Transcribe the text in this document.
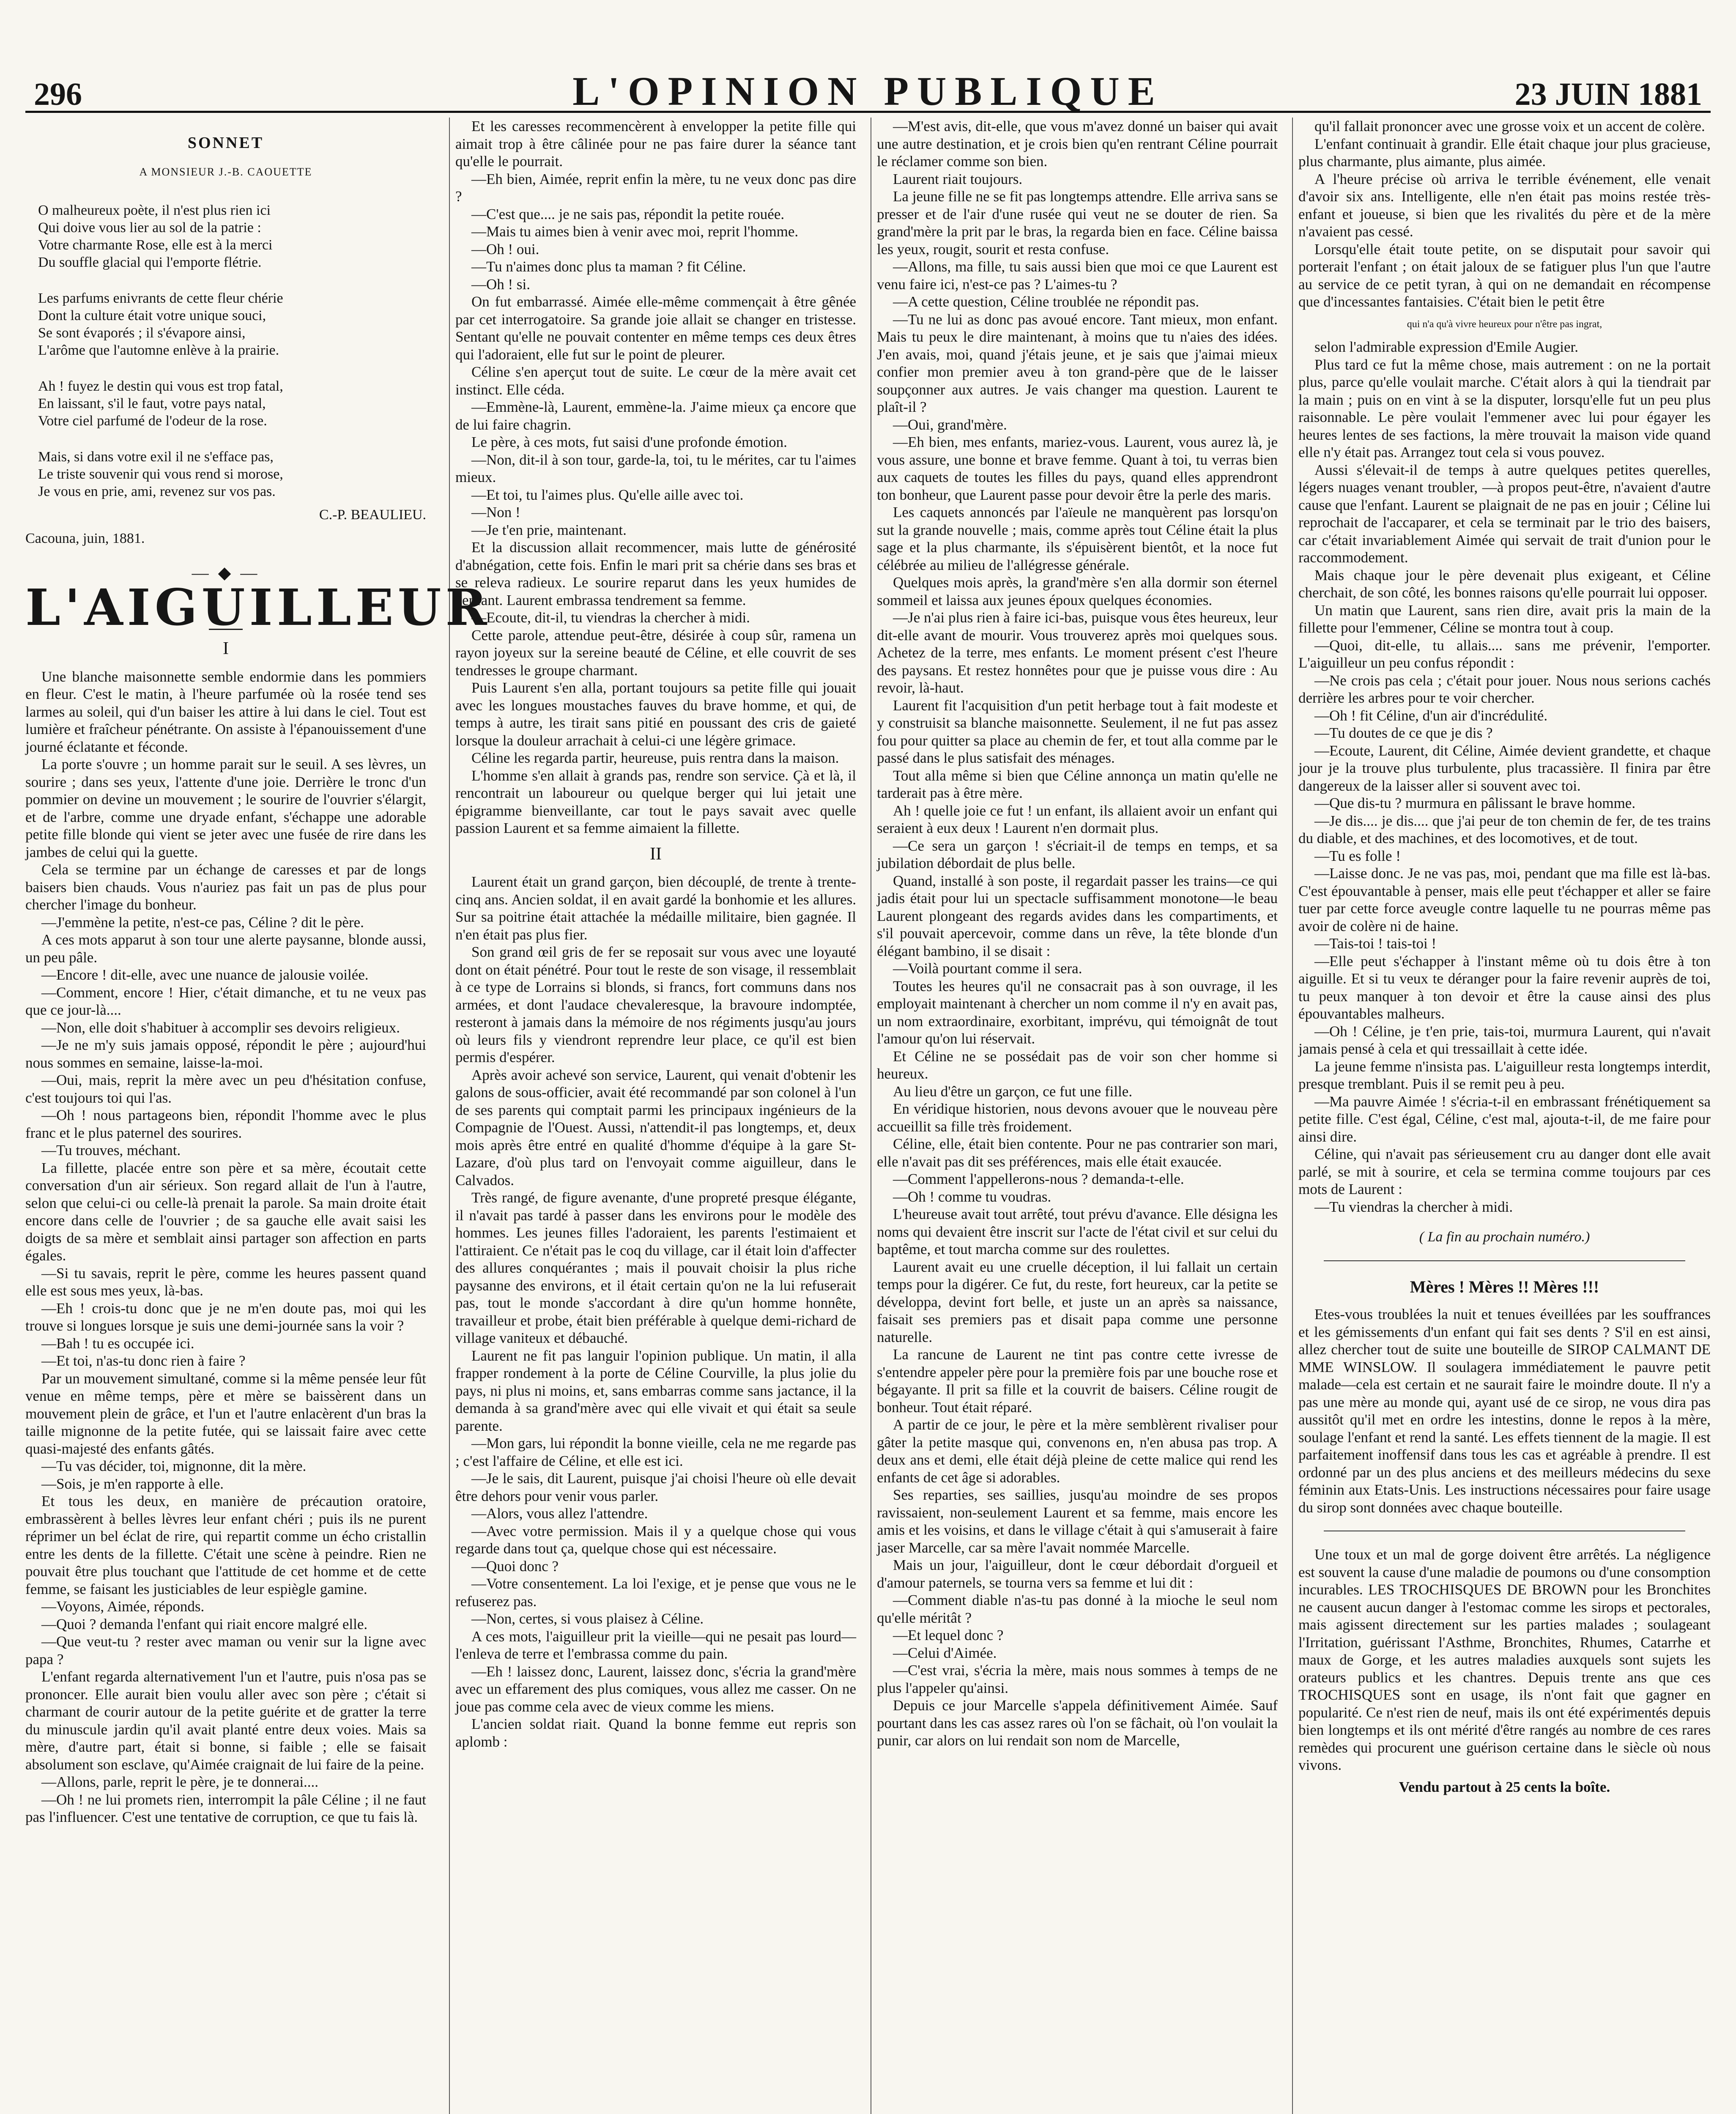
296	L'OPINION PUBLIQUE	23 JUIN 1881
SONNET
A MONSIEUR J.-B. CAOUETTE
O malheureux poète, il n'est plus rien ici
Qui doive vous lier au sol de la patrie :
Votre charmante Rose, elle est à la merci
Du souffle glacial qui l'emporte flétrie.
Les parfums enivrants de cette fleur chérie
Dont la culture était votre unique souci,
Se sont évaporés ; il s'évapore ainsi,
L'arôme que l'automne enlève à la prairie.
Ah ! fuyez le destin qui vous est trop fatal,
En laissant, s'il le faut, votre pays natal,
Votre ciel parfumé de l'odeur de la rose.
Mais, si dans votre exil il ne s'efface pas,
Le triste souvenir qui vous rend si morose,
Je vous en prie, ami, revenez sur vos pas.
C.-P. BEAULIEU.
Cacouna, juin, 1881.
— ◆ —
L'AIGUILLEUR
I

Une blanche maisonnette semble endormie dans les pommiers en fleur. C'est le matin, à l'heure parfumée où la rosée tend ses larmes au soleil, qui d'un baiser les attire à lui dans le ciel. Tout est lumière et fraîcheur pénétrante. On assiste à l'épanouissement d'une journé éclatante et féconde.

La porte s'ouvre ; un homme parait sur le seuil. A ses lèvres, un sourire ; dans ses yeux, l'attente d'une joie. Derrière le tronc d'un pommier on devine un mouvement ; le sourire de l'ouvrier s'élargit, et de l'arbre, comme une dryade enfant, s'échappe une adorable petite fille blonde qui vient se jeter avec une fusée de rire dans les jambes de celui qui la guette.

Cela se termine par un échange de caresses et par de longs baisers bien chauds. Vous n'auriez pas fait un pas de plus pour chercher l'image du bonheur.

—J'emmène la petite, n'est-ce pas, Céline ? dit le père.

A ces mots apparut à son tour une alerte paysanne, blonde aussi, un peu pâle.

—Encore ! dit-elle, avec une nuance de jalousie voilée.

—Comment, encore ! Hier, c'était dimanche, et tu ne veux pas que ce jour-là....

—Non, elle doit s'habituer à accomplir ses devoirs religieux.

—Je ne m'y suis jamais opposé, répondit le père ; aujourd'hui nous sommes en semaine, laisse-la-moi.

—Oui, mais, reprit la mère avec un peu d'hésitation confuse, c'est toujours toi qui l'as.

—Oh ! nous partageons bien, répondit l'homme avec le plus franc et le plus paternel des sourires.

—Tu trouves, méchant.

La fillette, placée entre son père et sa mère, écoutait cette conversation d'un air sérieux. Son regard allait de l'un à l'autre, selon que celui-ci ou celle-là prenait la parole. Sa main droite était encore dans celle de l'ouvrier ; de sa gauche elle avait saisi les doigts de sa mère et semblait ainsi partager son affection en parts égales.

—Si tu savais, reprit le père, comme les heures passent quand elle est sous mes yeux, là-bas.

—Eh ! crois-tu donc que je ne m'en doute pas, moi qui les trouve si longues lorsque je suis une demi-journée sans la voir ?

—Bah ! tu es occupée ici.

—Et toi, n'as-tu donc rien à faire ?

Par un mouvement simultané, comme si la même pensée leur fût venue en même temps, père et mère se baissèrent dans un mouvement plein de grâce, et l'un et l'autre enlacèrent d'un bras la taille mignonne de la petite futée, qui se laissait faire avec cette quasi-majesté des enfants gâtés.

—Tu vas décider, toi, mignonne, dit la mère.

—Sois, je m'en rapporte à elle.

Et tous les deux, en manière de précaution oratoire, embrassèrent à belles lèvres leur enfant chéri ; puis ils ne purent réprimer un bel éclat de rire, qui repartit comme un écho cristallin entre les dents de la fillette. C'était une scène à peindre. Rien ne pouvait être plus touchant que l'attitude de cet homme et de cette femme, se faisant les justiciables de leur espiègle gamine.

—Voyons, Aimée, réponds.

—Quoi ? demanda l'enfant qui riait encore malgré elle.

—Que veut-tu ? rester avec maman ou venir sur la ligne avec papa ?

L'enfant regarda alternativement l'un et l'autre, puis n'osa pas se prononcer. Elle aurait bien voulu aller avec son père ; c'était si charmant de courir autour de la petite guérite et de gratter la terre du minuscule jardin qu'il avait planté entre deux voies. Mais sa mère, d'autre part, était si bonne, si faible ; elle se faisait absolument son esclave, qu'Aimée craignait de lui faire de la peine.

—Allons, parle, reprit le père, je te donnerai....

—Oh ! ne lui promets rien, interrompit la pâle Céline ; il ne faut pas l'influencer. C'est une tentative de corruption, ce que tu fais là.

Et les caresses recommencèrent à envelopper la petite fille qui aimait trop à être câlinée pour ne pas faire durer la séance tant qu'elle le pourrait.

—Eh bien, Aimée, reprit enfin la mère, tu ne veux donc pas dire ?

—C'est que.... je ne sais pas, répondit la petite rouée.

—Mais tu aimes bien à venir avec moi, reprit l'homme.

—Oh ! oui.

—Tu n'aimes donc plus ta maman ? fit Céline.

—Oh ! si.

On fut embarrassé. Aimée elle-même commençait à être gênée par cet interrogatoire. Sa grande joie allait se changer en tristesse. Sentant qu'elle ne pouvait contenter en même temps ces deux êtres qui l'adoraient, elle fut sur le point de pleurer.

Céline s'en aperçut tout de suite. Le cœur de la mère avait cet instinct. Elle céda.

—Emmène-là, Laurent, emmène-la. J'aime mieux ça encore que de lui faire chagrin.

Le père, à ces mots, fut saisi d'une profonde émotion.

—Non, dit-il à son tour, garde-la, toi, tu le mérites, car tu l'aimes mieux.

—Et toi, tu l'aimes plus. Qu'elle aille avec toi.

—Non !

—Je t'en prie, maintenant.

Et la discussion allait recommencer, mais lutte de générosité d'abnégation, cette fois. Enfin le mari prit sa chérie dans ses bras et se releva radieux. Le sourire reparut dans les yeux humides de l'enfant. Laurent embrassa tendrement sa femme.

—Ecoute, dit-il, tu viendras la chercher à midi.

Cette parole, attendue peut-être, désirée à coup sûr, ramena un rayon joyeux sur la sereine beauté de Céline, et elle couvrit de ses tendresses le groupe charmant.

Puis Laurent s'en alla, portant toujours sa petite fille qui jouait avec les longues moustaches fauves du brave homme, et qui, de temps à autre, les tirait sans pitié en poussant des cris de gaieté lorsque la douleur arrachait à celui-ci une légère grimace.

Céline les regarda partir, heureuse, puis rentra dans la maison.

L'homme s'en allait à grands pas, rendre son service. Çà et là, il rencontrait un laboureur ou quelque berger qui lui jetait une épigramme bienveillante, car tout le pays savait avec quelle passion Laurent et sa femme aimaient la fillette.

II

Laurent était un grand garçon, bien découplé, de trente à trente-cinq ans. Ancien soldat, il en avait gardé la bonhomie et les allures. Sur sa poitrine était attachée la médaille militaire, bien gagnée. Il n'en était pas plus fier.

Son grand œil gris de fer se reposait sur vous avec une loyauté dont on était pénétré. Pour tout le reste de son visage, il ressemblait à ce type de Lorrains si blonds, si francs, fort communs dans nos armées, et dont l'audace chevaleresque, la bravoure indomptée, resteront à jamais dans la mémoire de nos régiments jusqu'au jours où leurs fils y viendront reprendre leur place, ce qu'il est bien permis d'espérer.

Après avoir achevé son service, Laurent, qui venait d'obtenir les galons de sous-officier, avait été recommandé par son colonel à l'un de ses parents qui comptait parmi les principaux ingénieurs de la Compagnie de l'Ouest. Aussi, n'attendit-il pas longtemps, et, deux mois après être entré en qualité d'homme d'équipe à la gare St-Lazare, d'où plus tard on l'envoyait comme aiguilleur, dans le Calvados.

Très rangé, de figure avenante, d'une propreté presque élégante, il n'avait pas tardé à passer dans les environs pour le modèle des hommes. Les jeunes filles l'adoraient, les parents l'estimaient et l'attiraient. Ce n'était pas le coq du village, car il était loin d'affecter des allures conquérantes ; mais il pouvait choisir la plus riche paysanne des environs, et il était certain qu'on ne la lui refuserait pas, tout le monde s'accordant à dire qu'un homme honnête, travailleur et probe, était bien préférable à quelque demi-richard de village vaniteux et débauché.

Laurent ne fit pas languir l'opinion publique. Un matin, il alla frapper rondement à la porte de Céline Courville, la plus jolie du pays, ni plus ni moins, et, sans embarras comme sans jactance, il la demanda à sa grand'mère avec qui elle vivait et qui était sa seule parente.

—Mon gars, lui répondit la bonne vieille, cela ne me regarde pas ; c'est l'affaire de Céline, et elle est ici.

—Je le sais, dit Laurent, puisque j'ai choisi l'heure où elle devait être dehors pour venir vous parler.

—Alors, vous allez l'attendre.

—Avec votre permission. Mais il y a quelque chose qui vous regarde dans tout ça, quelque chose qui est nécessaire.

—Quoi donc ?

—Votre consentement. La loi l'exige, et je pense que vous ne le refuserez pas.

—Non, certes, si vous plaisez à Céline.

A ces mots, l'aiguilleur prit la vieille—qui ne pesait pas lourd—l'enleva de terre et l'embrassa comme du pain.

—Eh ! laissez donc, Laurent, laissez donc, s'écria la grand'mère avec un effarement des plus comiques, vous allez me casser. On ne joue pas comme cela avec de vieux comme les miens.

L'ancien soldat riait. Quand la bonne femme eut repris son aplomb :

—M'est avis, dit-elle, que vous m'avez donné un baiser qui avait une autre destination, et je crois bien qu'en rentrant Céline pourrait le réclamer comme son bien.

Laurent riait toujours.

La jeune fille ne se fit pas longtemps attendre. Elle arriva sans se presser et de l'air d'une rusée qui veut ne se douter de rien. Sa grand'mère la prit par le bras, la regarda bien en face. Céline baissa les yeux, rougit, sourit et resta confuse.

—Allons, ma fille, tu sais aussi bien que moi ce que Laurent est venu faire ici, n'est-ce pas ? L'aimes-tu ?

—A cette question, Céline troublée ne répondit pas.

—Tu ne lui as donc pas avoué encore. Tant mieux, mon enfant. Mais tu peux le dire maintenant, à moins que tu n'aies des idées. J'en avais, moi, quand j'étais jeune, et je sais que j'aimai mieux confier mon premier aveu à ton grand-père que de le laisser soupçonner aux autres. Je vais changer ma question. Laurent te plaît-il ?

—Oui, grand'mère.

—Eh bien, mes enfants, mariez-vous. Laurent, vous aurez là, je vous assure, une bonne et brave femme. Quant à toi, tu verras bien aux caquets de toutes les filles du pays, quand elles apprendront ton bonheur, que Laurent passe pour devoir être la perle des maris.

Les caquets annoncés par l'aïeule ne manquèrent pas lorsqu'on sut la grande nouvelle ; mais, comme après tout Céline était la plus sage et la plus charmante, ils s'épuisèrent bientôt, et la noce fut célébrée au milieu de l'allégresse générale.

Quelques mois après, la grand'mère s'en alla dormir son éternel sommeil et laissa aux jeunes époux quelques économies.

—Je n'ai plus rien à faire ici-bas, puisque vous êtes heureux, leur dit-elle avant de mourir. Vous trouverez après moi quelques sous. Achetez de la terre, mes enfants. Le moment présent c'est l'heure des paysans. Et restez honnêtes pour que je puisse vous dire : Au revoir, là-haut.

Laurent fit l'acquisition d'un petit herbage tout à fait modeste et y construisit sa blanche maisonnette. Seulement, il ne fut pas assez fou pour quitter sa place au chemin de fer, et tout alla comme par le passé dans le plus satisfait des ménages.

Tout alla même si bien que Céline annonça un matin qu'elle ne tarderait pas à être mère.

Ah ! quelle joie ce fut ! un enfant, ils allaient avoir un enfant qui seraient à eux deux ! Laurent n'en dormait plus.

—Ce sera un garçon ! s'écriait-il de temps en temps, et sa jubilation débordait de plus belle.

Quand, installé à son poste, il regardait passer les trains—ce qui jadis était pour lui un spectacle suffisamment monotone—le beau Laurent plongeant des regards avides dans les compartiments, et s'il pouvait apercevoir, comme dans un rêve, la tête blonde d'un élégant bambino, il se disait :

—Voilà pourtant comme il sera.

Toutes les heures qu'il ne consacrait pas à son ouvrage, il les employait maintenant à chercher un nom comme il n'y en avait pas, un nom extraordinaire, exorbitant, imprévu, qui témoignât de tout l'amour qu'on lui réservait.

Et Céline ne se possédait pas de voir son cher homme si heureux.

Au lieu d'être un garçon, ce fut une fille.

En véridique historien, nous devons avouer que le nouveau père accueillit sa fille très froidement.

Céline, elle, était bien contente. Pour ne pas contrarier son mari, elle n'avait pas dit ses préférences, mais elle était exaucée.

—Comment l'appellerons-nous ? demanda-t-elle.

—Oh ! comme tu voudras.

L'heureuse avait tout arrêté, tout prévu d'avance. Elle désigna les noms qui devaient être inscrit sur l'acte de l'état civil et sur celui du baptême, et tout marcha comme sur des roulettes.

Laurent avait eu une cruelle déception, il lui fallait un certain temps pour la digérer. Ce fut, du reste, fort heureux, car la petite se développa, devint fort belle, et juste un an après sa naissance, faisait ses premiers pas et disait papa comme une personne naturelle.

La rancune de Laurent ne tint pas contre cette ivresse de s'entendre appeler père pour la première fois par une bouche rose et bégayante. Il prit sa fille et la couvrit de baisers. Céline rougit de bonheur. Tout était réparé.

A partir de ce jour, le père et la mère semblèrent rivaliser pour gâter la petite masque qui, convenons en, n'en abusa pas trop. A deux ans et demi, elle était déjà pleine de cette malice qui rend les enfants de cet âge si adorables.

Ses reparties, ses saillies, jusqu'au moindre de ses propos ravissaient, non-seulement Laurent et sa femme, mais encore les amis et les voisins, et dans le village c'était à qui s'amuserait à faire jaser Marcelle, car sa mère l'avait nommée Marcelle.

Mais un jour, l'aiguilleur, dont le cœur débordait d'orgueil et d'amour paternels, se tourna vers sa femme et lui dit :

—Comment diable n'as-tu pas donné à la mioche le seul nom qu'elle méritât ?

—Et lequel donc ?

—Celui d'Aimée.

—C'est vrai, s'écria la mère, mais nous sommes à temps de ne plus l'appeler qu'ainsi.

Depuis ce jour Marcelle s'appela définitivement Aimée. Sauf pourtant dans les cas assez rares où l'on se fâchait, où l'on voulait la punir, car alors on lui rendait son nom de Marcelle,

qu'il fallait prononcer avec une grosse voix et un accent de colère.

L'enfant continuait à grandir. Elle était chaque jour plus gracieuse, plus charmante, plus aimante, plus aimée.

A l'heure précise où arriva le terrible événement, elle venait d'avoir six ans. Intelligente, elle n'en était pas moins restée très-enfant et joueuse, si bien que les rivalités du père et de la mère n'avaient pas cessé.

Lorsqu'elle était toute petite, on se disputait pour savoir qui porterait l'enfant ; on était jaloux de se fatiguer plus l'un que l'autre au service de ce petit tyran, à qui on ne demandait en récompense que d'incessantes fantaisies. C'était bien le petit être

qui n'a qu'à vivre heureux pour n'être pas ingrat,

selon l'admirable expression d'Emile Augier.

Plus tard ce fut la même chose, mais autrement : on ne la portait plus, parce qu'elle voulait marche. C'était alors à qui la tiendrait par la main ; puis on en vint à se la disputer, lorsqu'elle fut un peu plus raisonnable. Le père voulait l'emmener avec lui pour égayer les heures lentes de ses factions, la mère trouvait la maison vide quand elle n'y était pas. Arrangez tout cela si vous pouvez.

Aussi s'élevait-il de temps à autre quelques petites querelles, légers nuages venant troubler, —à propos peut-être, n'avaient d'autre cause que l'enfant. Laurent se plaignait de ne pas en jouir ; Céline lui reprochait de l'accaparer, et cela se terminait par le trio des baisers, car c'était invariablement Aimée qui servait de trait d'union pour le raccommodement.

Mais chaque jour le père devenait plus exigeant, et Céline cherchait, de son côté, les bonnes raisons qu'elle pourrait lui opposer.

Un matin que Laurent, sans rien dire, avait pris la main de la fillette pour l'emmener, Céline se montra tout à coup.

—Quoi, dit-elle, tu allais.... sans me prévenir, l'emporter. L'aiguilleur un peu confus répondit :

—Ne crois pas cela ; c'était pour jouer. Nous nous serions cachés derrière les arbres pour te voir chercher.

—Oh ! fit Céline, d'un air d'incrédulité.

—Tu doutes de ce que je dis ?

—Ecoute, Laurent, dit Céline, Aimée devient grandette, et chaque jour je la trouve plus turbulente, plus tracassière. Il finira par être dangereux de la laisser aller si souvent avec toi.

—Que dis-tu ? murmura en pâlissant le brave homme.

—Je dis.... je dis.... que j'ai peur de ton chemin de fer, de tes trains du diable, et des machines, et des locomotives, et de tout.

—Tu es folle !

—Laisse donc. Je ne vas pas, moi, pendant que ma fille est là-bas. C'est épouvantable à penser, mais elle peut t'échapper et aller se faire tuer par cette force aveugle contre laquelle tu ne pourras même pas avoir de colère ni de haine.

—Tais-toi ! tais-toi !

—Elle peut s'échapper à l'instant même où tu dois être à ton aiguille. Et si tu veux te déranger pour la faire revenir auprès de toi, tu peux manquer à ton devoir et être la cause ainsi des plus épouvantables malheurs.

—Oh ! Céline, je t'en prie, tais-toi, murmura Laurent, qui n'avait jamais pensé à cela et qui tressaillait à cette idée.

La jeune femme n'insista pas. L'aiguilleur resta longtemps interdit, presque tremblant. Puis il se remit peu à peu.

—Ma pauvre Aimée ! s'écria-t-il en embrassant frénétiquement sa petite fille. C'est égal, Céline, c'est mal, ajouta-t-il, de me faire pour ainsi dire.

Céline, qui n'avait pas sérieusement cru au danger dont elle avait parlé, se mit à sourire, et cela se termina comme toujours par ces mots de Laurent :

—Tu viendras la chercher à midi.

( La fin au prochain numéro.)
Mères ! Mères !! Mères !!!

Etes-vous troublées la nuit et tenues éveillées par les souffrances et les gémissements d'un enfant qui fait ses dents ? S'il en est ainsi, allez chercher tout de suite une bouteille de SIROP CALMANT DE MME WINSLOW. Il soulagera immédiatement le pauvre petit malade—cela est certain et ne saurait faire le moindre doute. Il n'y a pas une mère au monde qui, ayant usé de ce sirop, ne vous dira pas aussitôt qu'il met en ordre les intestins, donne le repos à la mère, soulage l'enfant et rend la santé. Les effets tiennent de la magie. Il est parfaitement inoffensif dans tous les cas et agréable à prendre. Il est ordonné par un des plus anciens et des meilleurs médecins du sexe féminin aux Etats-Unis. Les instructions nécessaires pour faire usage du sirop sont données avec chaque bouteille.

Une toux et un mal de gorge doivent être arrêtés. La négligence est souvent la cause d'une maladie de poumons ou d'une consomption incurables. LES TROCHISQUES DE BROWN pour les Bronchites ne causent aucun danger à l'estomac comme les sirops et pectorales, mais agissent directement sur les parties malades ; soulageant l'Irritation, guérissant l'Asthme, Bronchites, Rhumes, Catarrhe et maux de Gorge, et les autres maladies auxquels sont sujets les orateurs publics et les chantres. Depuis trente ans que ces TROCHISQUES sont en usage, ils n'ont fait que gagner en popularité. Ce n'est rien de neuf, mais ils ont été expérimentés depuis bien longtemps et ils ont mérité d'être rangés au nombre de ces rares remèdes qui procurent une guérison certaine dans le siècle où nous vivons.

Vendu partout à 25 cents la boîte.
